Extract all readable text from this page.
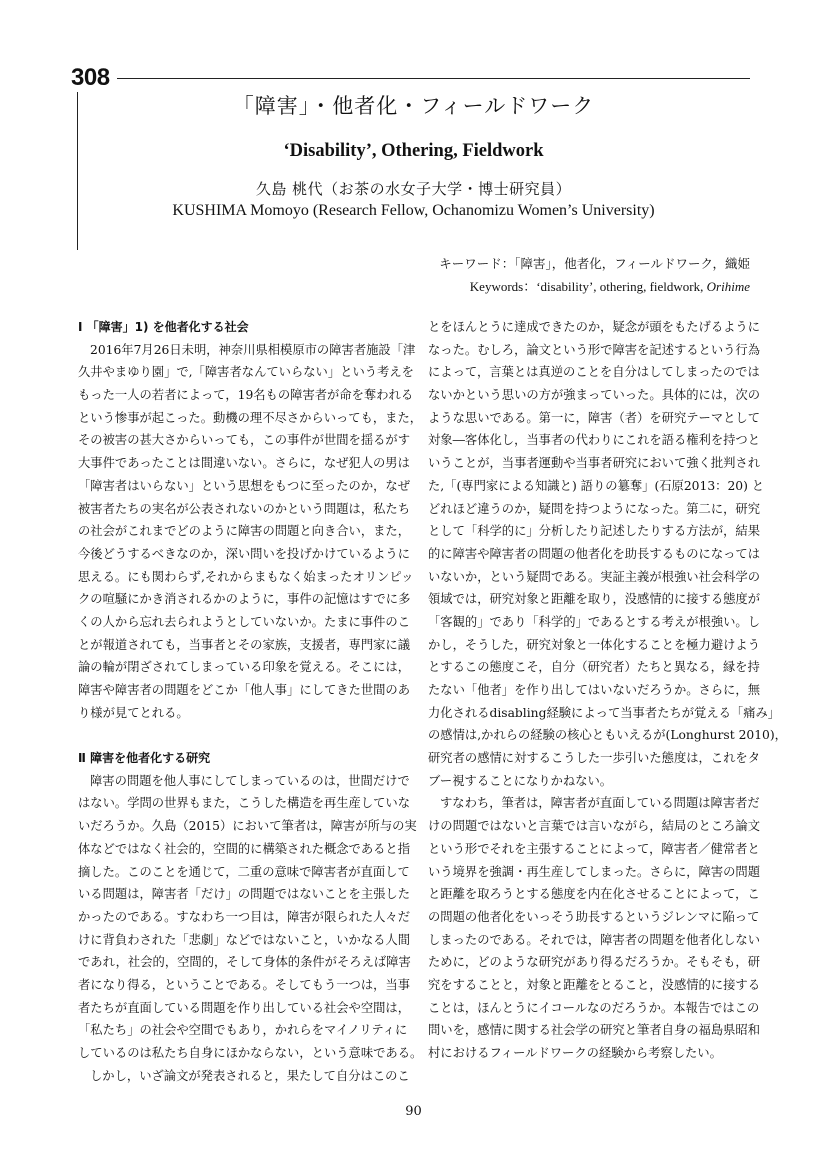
308
「障害」・他者化・フィールドワーク
‘Disability’, Othering, Fieldwork
久島 桃代（お茶の水女子大学・博士研究員）
KUSHIMA Momoyo (Research Fellow, Ochanomizu Women’s University)
キーワード：「障害」，他者化，フィールドワーク，織姫
Keywords：‘disability’, othering, fieldwork, Orihime
Ⅰ 「障害」1) を他者化する社会
2016年7月26日未明，神奈川県相模原市の障害者施設「津
久井やまゆり園」で,「障害者なんていらない」という考えを
もった一人の若者によって，19名もの障害者が命を奪われる
という惨事が起こった。動機の理不尽さからいっても，また，
その被害の甚大さからいっても，この事件が世間を揺るがす
大事件であったことは間違いない。さらに，なぜ犯人の男は
「障害者はいらない」という思想をもつに至ったのか，なぜ
被害者たちの実名が公表されないのかという問題は，私たち
の社会がこれまでどのように障害の問題と向き合い，また，
今後どうするべきなのか，深い問いを投げかけているように
思える。にも関わらず,それからまもなく始まったオリンピッ
クの喧騒にかき消されるかのように，事件の記憶はすでに多
くの人から忘れ去られようとしていないか。たまに事件のこ
とが報道されても，当事者とその家族，支援者，専門家に議
論の輪が閉ざされてしまっている印象を覚える。そこには，
障害や障害者の問題をどこか「他人事」にしてきた世間のあ
り様が見てとれる。
Ⅱ 障害を他者化する研究
障害の問題を他人事にしてしまっているのは，世間だけで
はない。学問の世界もまた，こうした構造を再生産していな
いだろうか。久島（2015）において筆者は，障害が所与の実
体などではなく社会的，空間的に構築された概念であると指
摘した。このことを通じて，二重の意味で障害者が直面して
いる問題は，障害者「だけ」の問題ではないことを主張した
かったのである。すなわち一つ目は，障害が限られた人々だ
けに背負わされた「悲劇」などではないこと，いかなる人間
であれ，社会的，空間的，そして身体的条件がそろえば障害
者になり得る，ということである。そしてもう一つは，当事
者たちが直面している問題を作り出している社会や空間は，
「私たち」の社会や空間でもあり，かれらをマイノリティに
しているのは私たち自身にほかならない，という意味である。
しかし，いざ論文が発表されると，果たして自分はこのこ
とをほんとうに達成できたのか，疑念が頭をもたげるように
なった。むしろ，論文という形で障害を記述するという行為
によって，言葉とは真逆のことを自分はしてしまったのでは
ないかという思いの方が強まっていった。具体的には，次の
ような思いである。第一に，障害（者）を研究テーマとして
対象―客体化し，当事者の代わりにこれを語る権利を持つと
いうことが，当事者運動や当事者研究において強く批判され
た,「(専門家による知識と) 語りの簒奪」(石原2013：20) と
どれほど違うのか，疑問を持つようになった。第二に，研究
として「科学的に」分析したり記述したりする方法が，結果
的に障害や障害者の問題の他者化を助長するものになっては
いないか，という疑問である。実証主義が根強い社会科学の
領域では，研究対象と距離を取り，没感情的に接する態度が
「客観的」であり「科学的」であるとする考えが根強い。し
かし，そうした，研究対象と一体化することを極力避けよう
とするこの態度こそ，自分（研究者）たちと異なる，縁を持
たない「他者」を作り出してはいないだろうか。さらに，無
力化されるdisabling経験によって当事者たちが覚える「痛み」
の感情は,かれらの経験の核心ともいえるが(Longhurst 2010)，
研究者の感情に対するこうした一歩引いた態度は，これをタ
ブー視することになりかねない。
すなわち，筆者は，障害者が直面している問題は障害者だ
けの問題ではないと言葉では言いながら，結局のところ論文
という形でそれを主張することによって，障害者／健常者と
いう境界を強調・再生産してしまった。さらに，障害の問題
と距離を取ろうとする態度を内在化させることによって，こ
の問題の他者化をいっそう助長するというジレンマに陥って
しまったのである。それでは，障害者の問題を他者化しない
ために，どのような研究があり得るだろうか。そもそも，研
究をすることと，対象と距離をとること，没感情的に接する
ことは，ほんとうにイコールなのだろうか。本報告ではこの
問いを，感情に関する社会学の研究と筆者自身の福島県昭和
村におけるフィールドワークの経験から考察したい。
90
